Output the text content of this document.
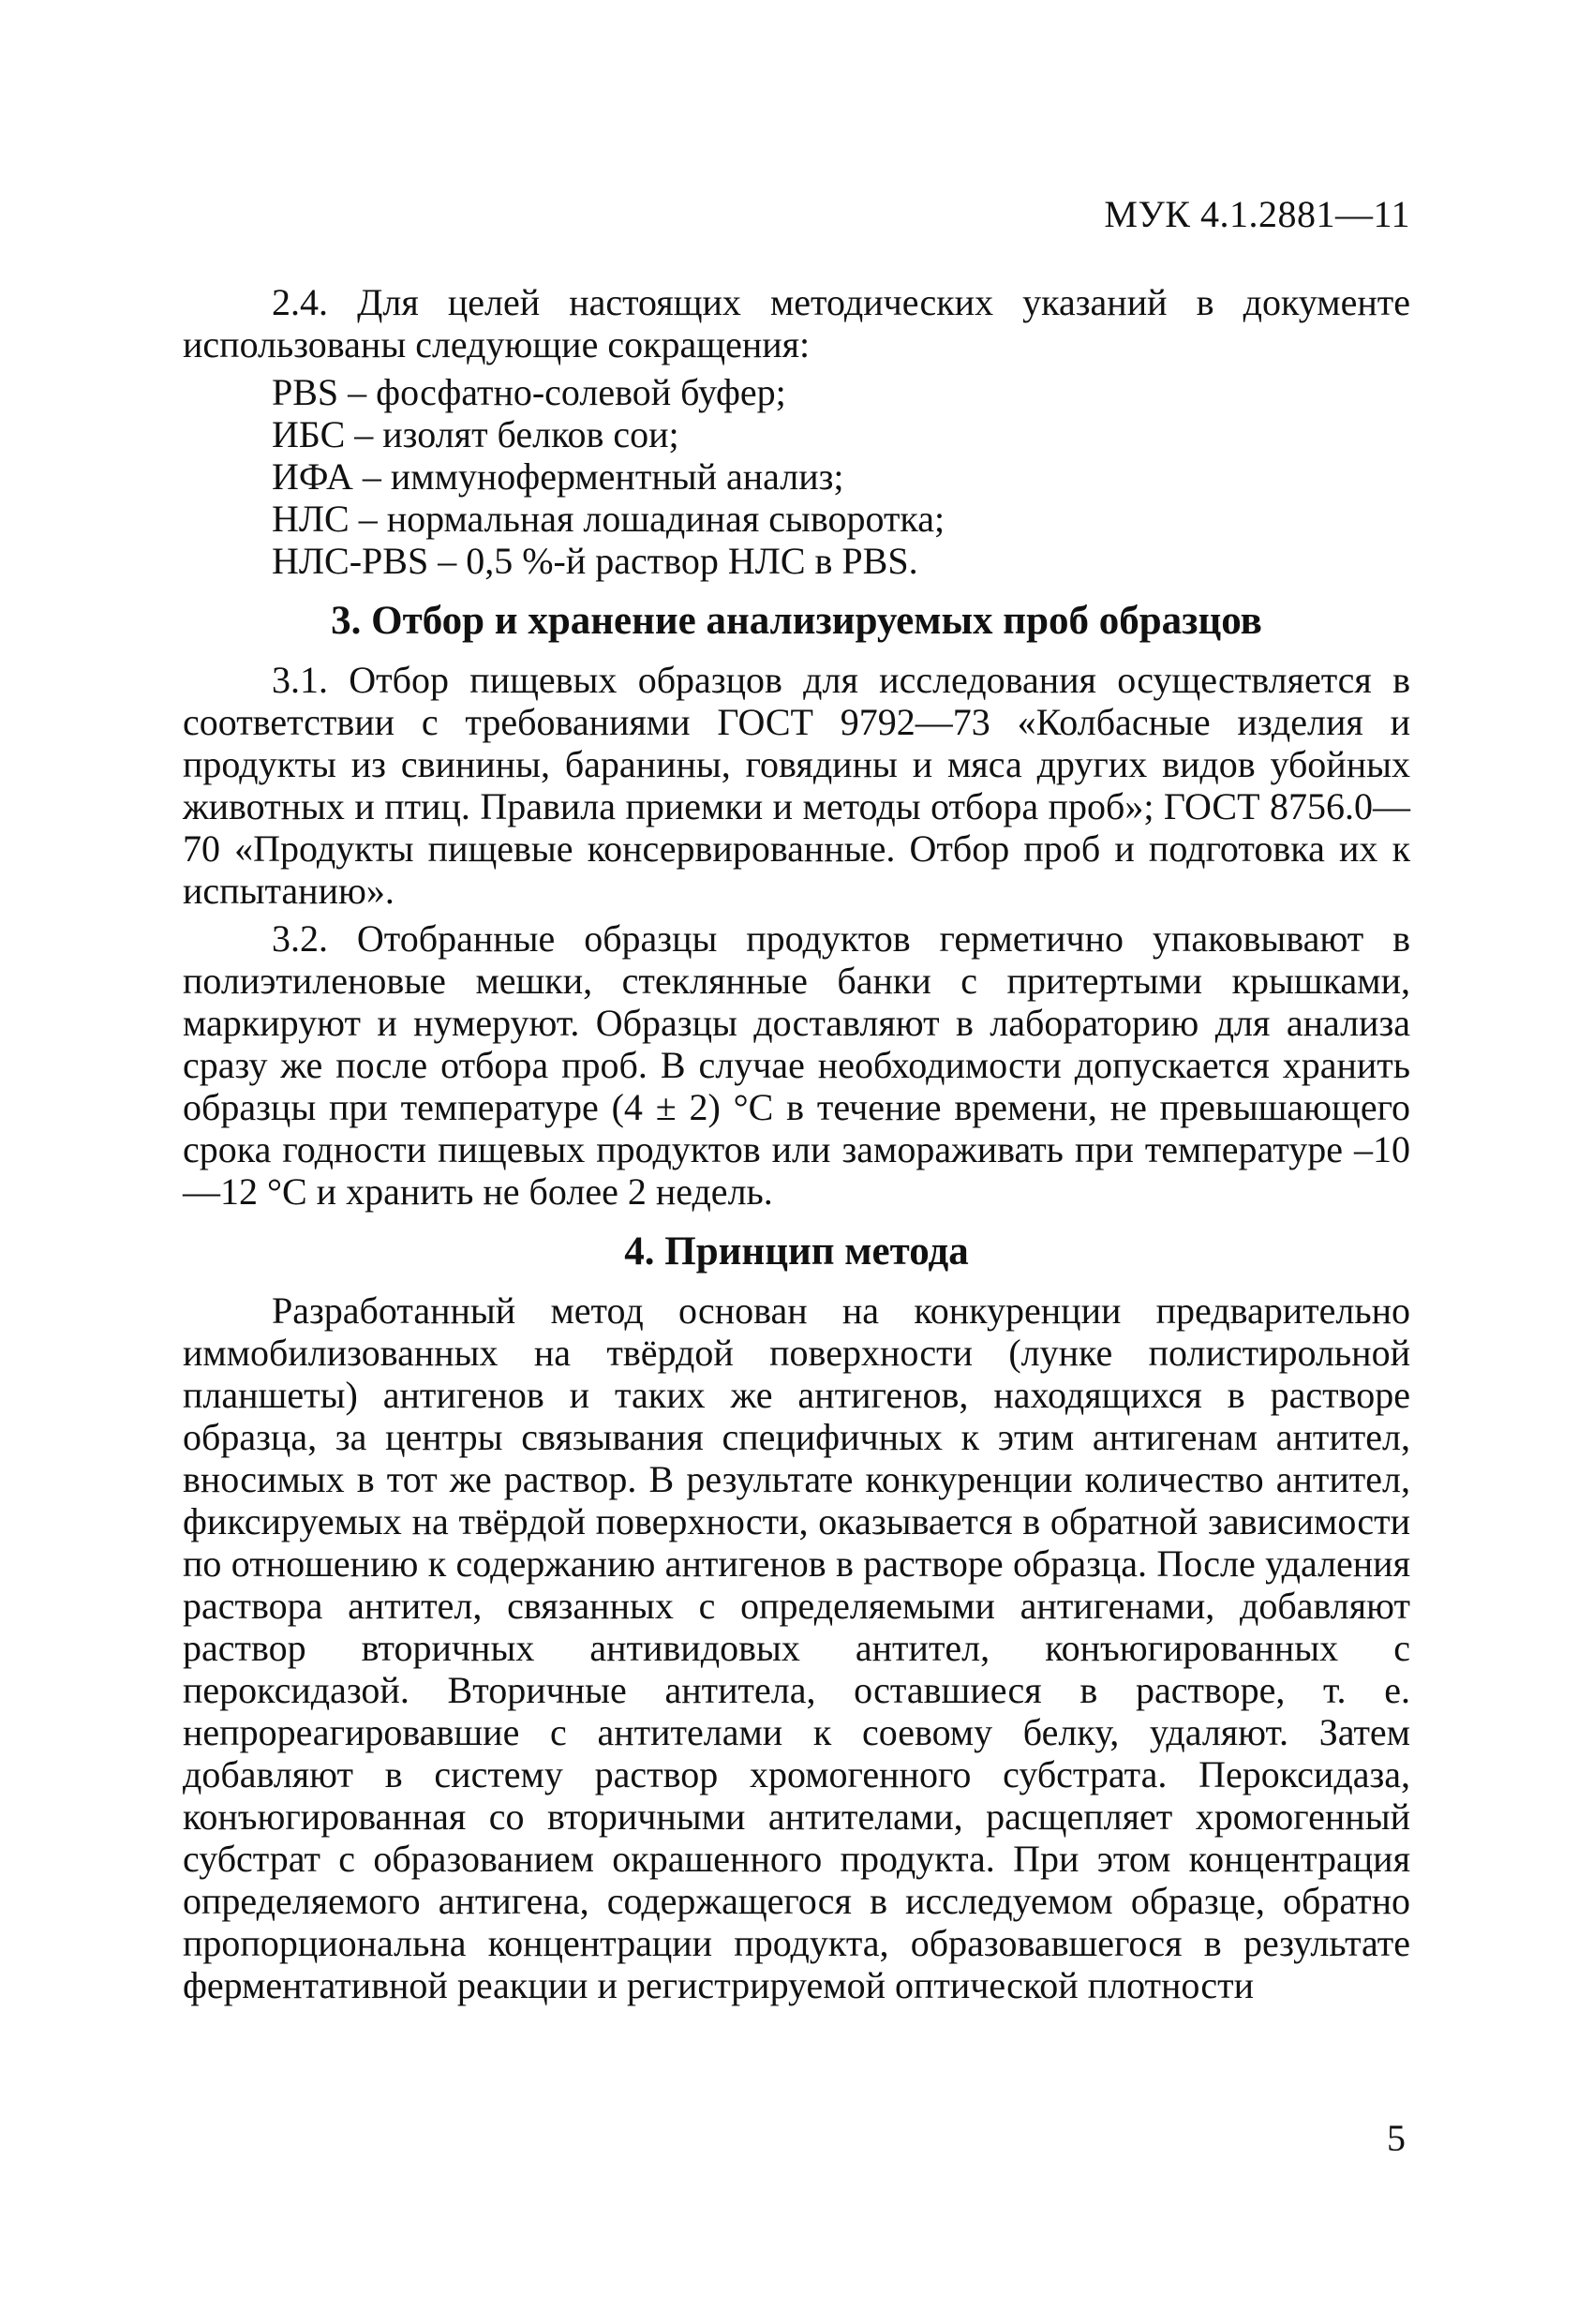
МУК 4.1.2881—11

2.4. Для целей настоящих методических указаний в документе использованы следующие сокращения:

PBS – фосфатно-солевой буфер;
ИБС – изолят белков сои;
ИФА – иммуноферментный анализ;
НЛС – нормальная лошадиная сыворотка;
НЛС-PBS – 0,5 %-й раствор НЛС в PBS.
3. Отбор и хранение анализируемых проб образцов

3.1. Отбор пищевых образцов для исследования осуществляется в соответствии с требованиями ГОСТ 9792—73 «Колбасные изделия и продукты из свинины, баранины, говядины и мяса других видов убойных животных и птиц. Правила приемки и методы отбора проб»; ГОСТ 8756.0—70 «Продукты пищевые консервированные. Отбор проб и подготовка их к испытанию».

3.2. Отобранные образцы продуктов герметично упаковывают в полиэтиленовые мешки, стеклянные банки с притертыми крышками, маркируют и нумеруют. Образцы доставляют в лабораторию для анализа сразу же после отбора проб. В случае необходимости допускается хранить образцы при температуре (4 ± 2) °С в течение времени, не превышающего срока годности пищевых продуктов или замораживать при температуре –10—12 °С и хранить не более 2 недель.

4. Принцип метода

Разработанный метод основан на конкуренции предварительно иммобилизованных на твёрдой поверхности (лунке полистирольной планшеты) антигенов и таких же антигенов, находящихся в растворе образца, за центры связывания специфичных к этим антигенам антител, вносимых в тот же раствор. В результате конкуренции количество антител, фиксируемых на твёрдой поверхности, оказывается в обратной зависимости по отношению к содержанию антигенов в растворе образца. После удаления раствора антител, связанных с определяемыми антигенами, добавляют раствор вторичных антивидовых антител, конъюгированных с пероксидазой. Вторичные антитела, оставшиеся в растворе, т. е. непрореагировавшие с антителами к соевому белку, удаляют. Затем добавляют в систему раствор хромогенного субстрата. Пероксидаза, конъюгированная со вторичными антителами, расщепляет хромогенный субстрат с образованием окрашенного продукта. При этом концентрация определяемого антигена, содержащегося в исследуемом образце, обратно пропорциональна концентрации продукта, образовавшегося в результате ферментативной реакции и регистрируемой оптической плотности

5
